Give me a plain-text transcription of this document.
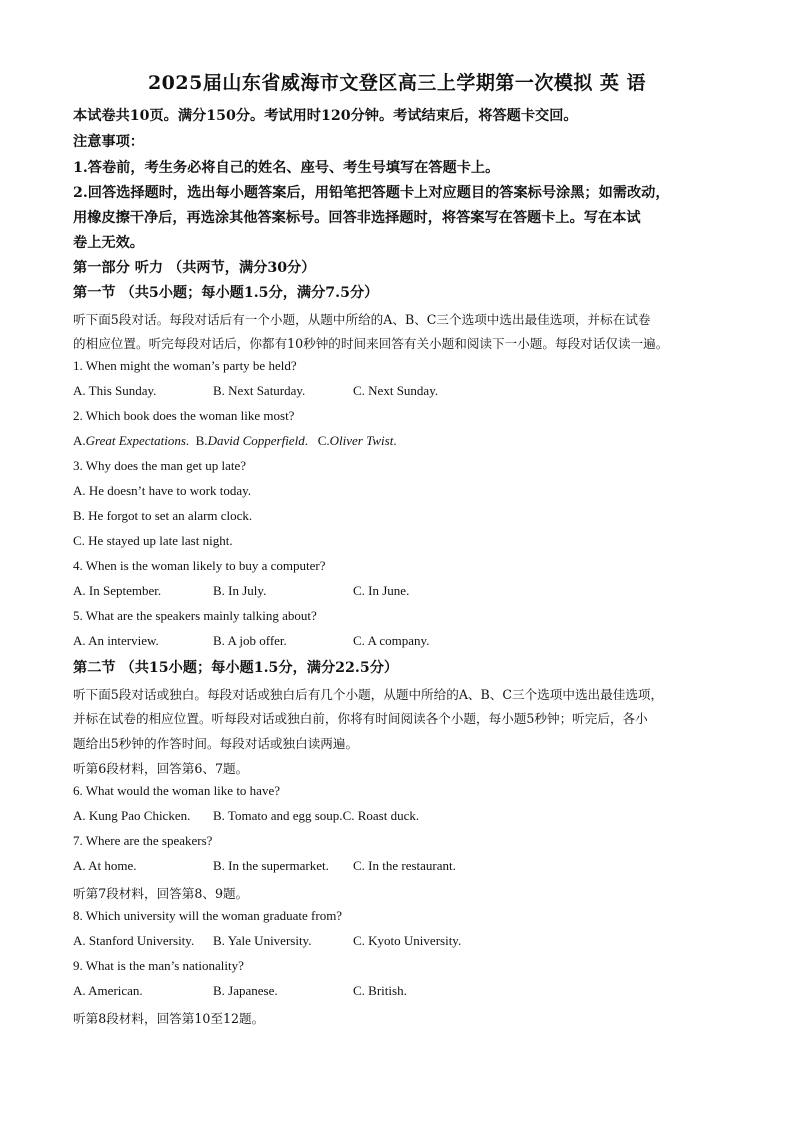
2025届山东省威海市文登区高三上学期第一次模拟 英 语
本试卷共10页。满分150分。考试用时120分钟。考试结束后，将答题卡交回。
注意事项：
1.答卷前，考生务必将自己的姓名、座号、考生号填写在答题卡上。
2.回答选择题时，选出每小题答案后，用铅笔把答题卡上对应题目的答案标号涂黑；如需改动，
用橡皮擦干净后，再选涂其他答案标号。回答非选择题时，将答案写在答题卡上。写在本试
卷上无效。
第一部分 听力 （共两节，满分30分）
第一节 （共5小题；每小题1.5分，满分7.5分）
听下面5段对话。每段对话后有一个小题，从题中所给的A、B、C三个选项中选出最佳选项，并标在试卷
的相应位置。听完每段对话后，你都有10秒钟的时间来回答有关小题和阅读下一小题。每段对话仅读一遍。
1. When might the woman’s party be held?
A. This Sunday.	B. Next Saturday.	C. Next Sunday.
2. Which book does the woman like most?
A.Great Expectations. B.David Copperfield. C.Oliver Twist.
3. Why does the man get up late?
A. He doesn’t have to work today.
B. He forgot to set an alarm clock.
C. He stayed up late last night.
4. When is the woman likely to buy a computer?
A. In September.	B. In July.	C. In June.
5. What are the speakers mainly talking about?
A. An interview.	B. A job offer.	C. A company.
第二节 （共15小题；每小题1.5分，满分22.5分）
听下面5段对话或独白。每段对话或独白后有几个小题，从题中所给的A、B、C三个选项中选出最佳选项，
并标在试卷的相应位置。听每段对话或独白前，你将有时间阅读各个小题，每小题5秒钟；听完后，各小
题给出5秒钟的作答时间。每段对话或独白读两遍。
听第6段材料，回答第6、7题。
6. What would the woman like to have?
A. Kung Pao Chicken. B. Tomato and egg soup.C. Roast duck.
7. Where are the speakers?
A. At home.	B. In the supermarket. C. In the restaurant.
听第7段材料，回答第8、9题。
8. Which university will the woman graduate from?
A. Stanford University. B. Yale University.	C. Kyoto University.
9. What is the man’s nationality?
A. American.	B. Japanese.	C. British.
听第8段材料，回答第10至12题。
